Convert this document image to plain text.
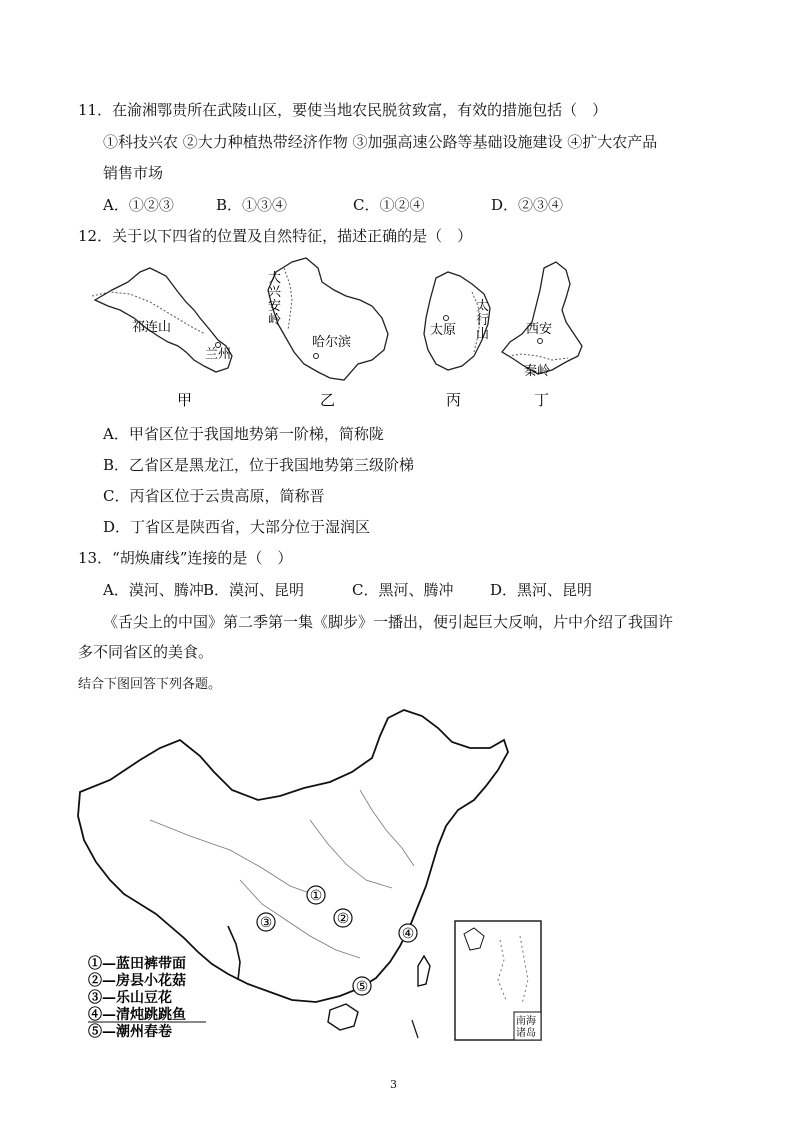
11．在渝湘鄂贵所在武陵山区，要使当地农民脱贫致富，有效的措施包括（　）
①科技兴农 ②大力种植热带经济作物 ③加强高速公路等基础设施建设 ④扩大农产品
销售市场
A．①②③	B．①③④	C．①②④	D．②③④
12．关于以下四省的位置及自然特征，描述正确的是（　）
祁连山
兰州
大兴安岭
哈尔滨
太原
太行山	西安
秦岭
甲	乙	丙	丁
A．甲省区位于我国地势第一阶梯，简称陇
B．乙省区是黑龙江，位于我国地势第三级阶梯
C．丙省区位于云贵高原，简称晋
D．丁省区是陕西省，大部分位于湿润区
13．“胡焕庸线”连接的是（　）
A．漠河、腾冲 B．漠河、昆明	C．黑河、腾冲 D．黑河、昆明
《舌尖上的中国》第二季第一集《脚步》一播出，便引起巨大反响，片中介绍了我国许
多不同省区的美食。
结合下图回答下列各题。
①
②
③
④
⑤
①—蓝田裤带面
②—房县小花菇
③—乐山豆花
④—清炖跳跳鱼
⑤—潮州春卷
南海
诸岛
3
